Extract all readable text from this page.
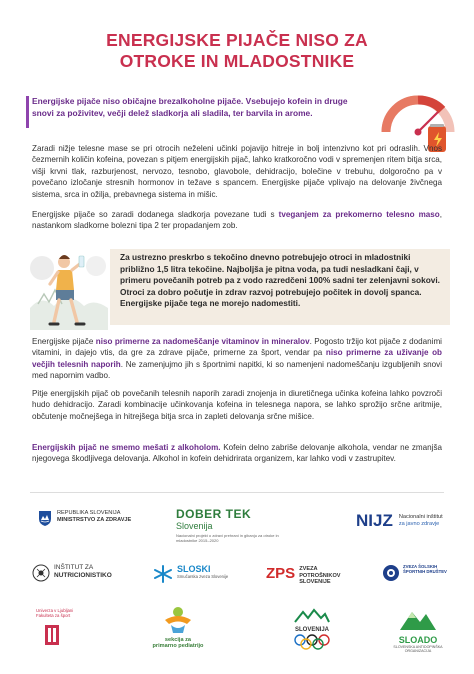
ENERGIJSKE PIJAČE NISO ZA
OTROKE IN MLADOSTNIKE
Energijske pijače niso običajne brezalkoholne pijače. Vsebujejo kofein in druge snovi za poživitev, večji delež sladkorja ali sladila, ter barvila in arome.

Zaradi nižje telesne mase se pri otrocih neželeni učinki pojavijo hitreje in bolj intenzivno kot pri odraslih. Vnos čezmernih količin kofeina, povezan s pitjem energijskih pijač, lahko kratkoročno vodi v spremenjen ritem bitja srca, višji krvni tlak, razburjenost, nervozo, tesnobo, glavobole, dehidracijo, bolečine v trebuhu, dolgoročno pa v povečano izločanje stresnih hormonov in težave s spancem. Energijske pijače vplivajo na delovanje živčnega sistema, srca in ožilja, prebavnega sistema in mišic.

Energijske pijače so zaradi dodanega sladkorja povezane tudi s tveganjem za prekomerno telesno maso, nastankom sladkorne bolezni tipa 2 ter propadanjem zob.

Za ustrezno preskrbo s tekočino dnevno potrebujejo otroci in mladostniki približno 1,5 litra tekočine. Najboljša je pitna voda, pa tudi nesladkani čaji, v primeru povečanih potreb pa z vodo razredčeni 100% sadni ter zelenjavni sokovi. Otroci za dobro počutje in zdrav razvoj potrebujejo počitek in dovolj spanca. Energijske pijače tega ne morejo nadomestiti.

Energijske pijače niso primerne za nadomeščanje vitaminov in mineralov. Pogosto tržijo kot pijače z dodanimi vitamini, in dajejo vtis, da gre za zdrave pijače, primerne za šport, vendar pa niso primerne za uživanje ob večjih telesnih naporih. Ne zamenjujmo jih s športnimi napitki, ki so namenjeni nadomeščanju izgubljenih snovi med napornim vadbo.

Pitje energijskih pijač ob povečanih telesnih naporih zaradi znojenja in diuretičnega učinka kofeina lahko povzroči hudo dehidracijo. Zaradi kombinacije učinkovanja kofeina in telesnega napora, se lahko sprožijo srčne aritmije, občutenje močnejšega in hitrejšega bitja srca in zapleti delovanja srčne mišice.

Energijskih pijač ne smemo mešati z alkoholom. Kofein delno zabriše delovanje alkohola, vendar ne zmanjša njegovega škodljivega delovanja. Alkohol in kofein dehidrirata organizem, kar lahko vodi v zastrupitev.

REPUBLIKA SLOVENIJA
MINISTRSTVO ZA ZDRAVJE	DOBER TEK
Slovenija
Nacionalni projekt o zdravi prehrani in gibanju za otroke in mladostnike 2015–2020
NIJZ	Nacionalni inštitut
za javno zdravje
INŠTITUT ZA
NUTRICIONISTIKO
SLOSKI
Smučarska zveza Slovenije	ZPS ZVEZA
POTROŠNIKOV
SLOVENIJE
ZVEZA ŠOLSKIH ŠPORTNIH DRUŠTEV
Univerza v Ljubljani Fakulteta za šport
sekcija za
primarno pediatrijo
SLOVENIJA
SLOADO
SLOVENSKA ANTIDOPINŠKA ORGANIZACIJA
